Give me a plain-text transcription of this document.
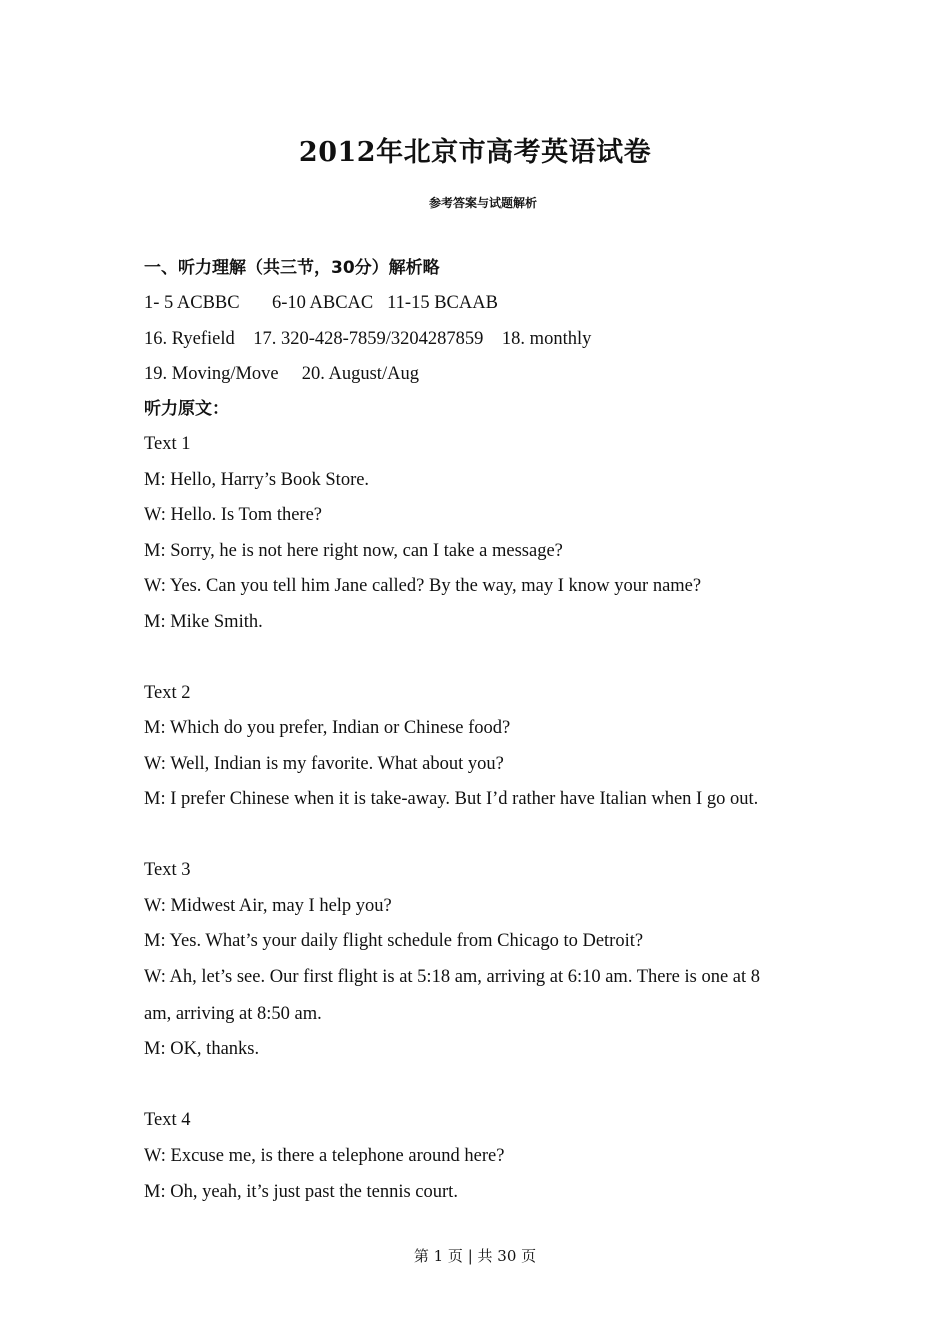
2012年北京市高考英语试卷
参考答案与试题解析
一、听力理解（共三节，30分）解析略
1- 5 ACBBC       6-10 ABCAC   11-15 BCAAB
16. Ryefield    17. 320-428-7859/3204287859    18. monthly
19. Moving/Move     20. August/Aug
听力原文：
Text 1
M: Hello, Harry’s Book Store.
W: Hello. Is Tom there?
M: Sorry, he is not here right now, can I take a message?
W: Yes. Can you tell him Jane called? By the way, may I know your name?
M: Mike Smith.
Text 2
M: Which do you prefer, Indian or Chinese food?
W: Well, Indian is my favorite. What about you?
M: I prefer Chinese when it is take-away. But I’d rather have Italian when I go out.
Text 3
W: Midwest Air, may I help you?
M: Yes. What’s your daily flight schedule from Chicago to Detroit?
W: Ah, let’s see. Our first flight is at 5:18 am, arriving at 6:10 am. There is one at 8
am, arriving at 8:50 am.
M: OK, thanks.
Text 4
W: Excuse me, is there a telephone around here?
M: Oh, yeah, it’s just past the tennis court.
第 1 页 | 共 30 页
